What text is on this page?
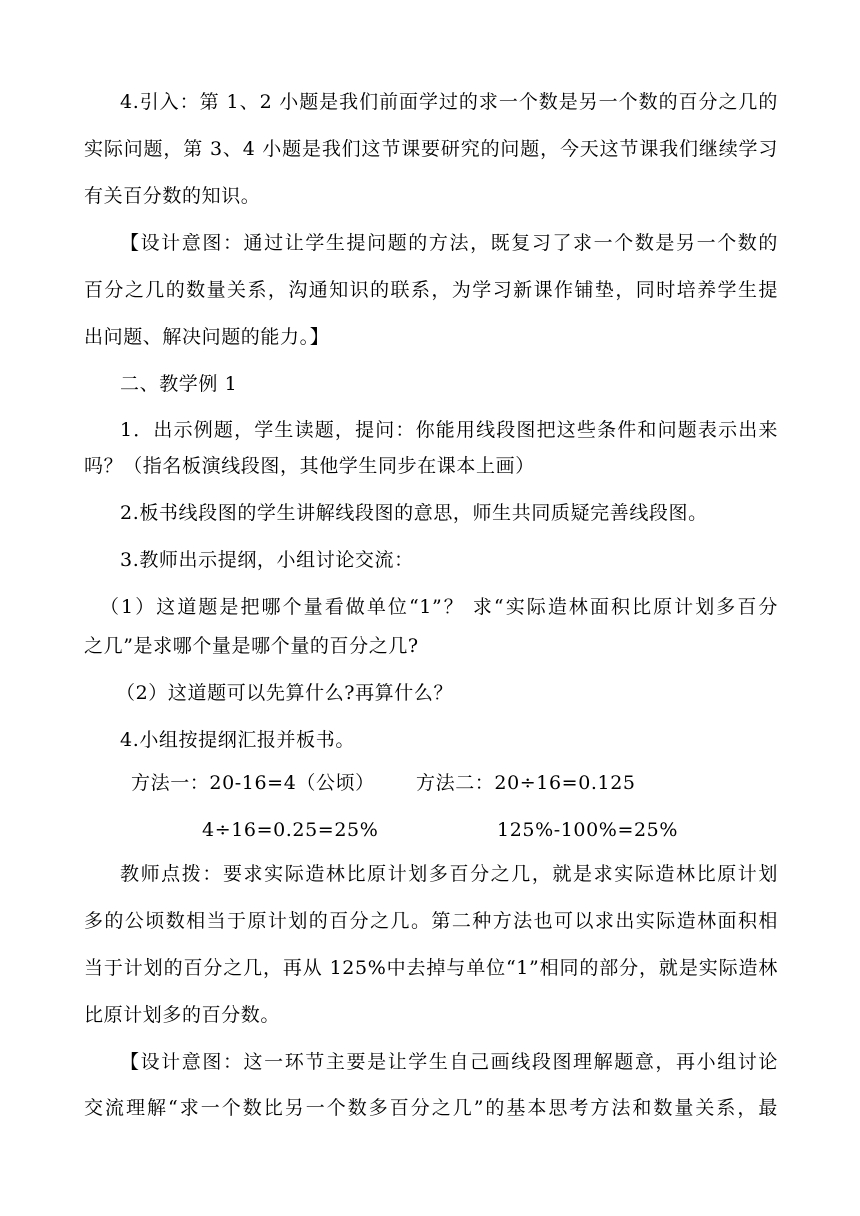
4.引入：第 1、2 小题是我们前面学过的求一个数是另一个数的百分之几的
实际问题，第 3、4 小题是我们这节课要研究的问题，今天这节课我们继续学习
有关百分数的知识。
【设计意图：通过让学生提问题的方法，既复习了求一个数是另一个数的
百分之几的数量关系，沟通知识的联系，为学习新课作铺垫，同时培养学生提
出问题、解决问题的能力。】
二、教学例 1
1．出示例题，学生读题，提问：你能用线段图把这些条件和问题表示出来
吗？（指名板演线段图，其他学生同步在课本上画）
2.板书线段图的学生讲解线段图的意思，师生共同质疑完善线段图。
3.教师出示提纲，小组讨论交流：
（1）这道题是把哪个量看做单位“1”？ 求“实际造林面积比原计划多百分
之几”是求哪个量是哪个量的百分之几?
（2）这道题可以先算什么?再算什么？
4.小组按提纲汇报并板书。
方法一：20-16=4（公顷） 方法二：20÷16=0.125
4÷16=0.25=25%	125%-100%=25%
教师点拨：要求实际造林比原计划多百分之几，就是求实际造林比原计划
多的公顷数相当于原计划的百分之几。第二种方法也可以求出实际造林面积相
当于计划的百分之几，再从 125%中去掉与单位“1”相同的部分，就是实际造林
比原计划多的百分数。
【设计意图：这一环节主要是让学生自己画线段图理解题意，再小组讨论
交流理解“求一个数比另一个数多百分之几”的基本思考方法和数量关系，最
